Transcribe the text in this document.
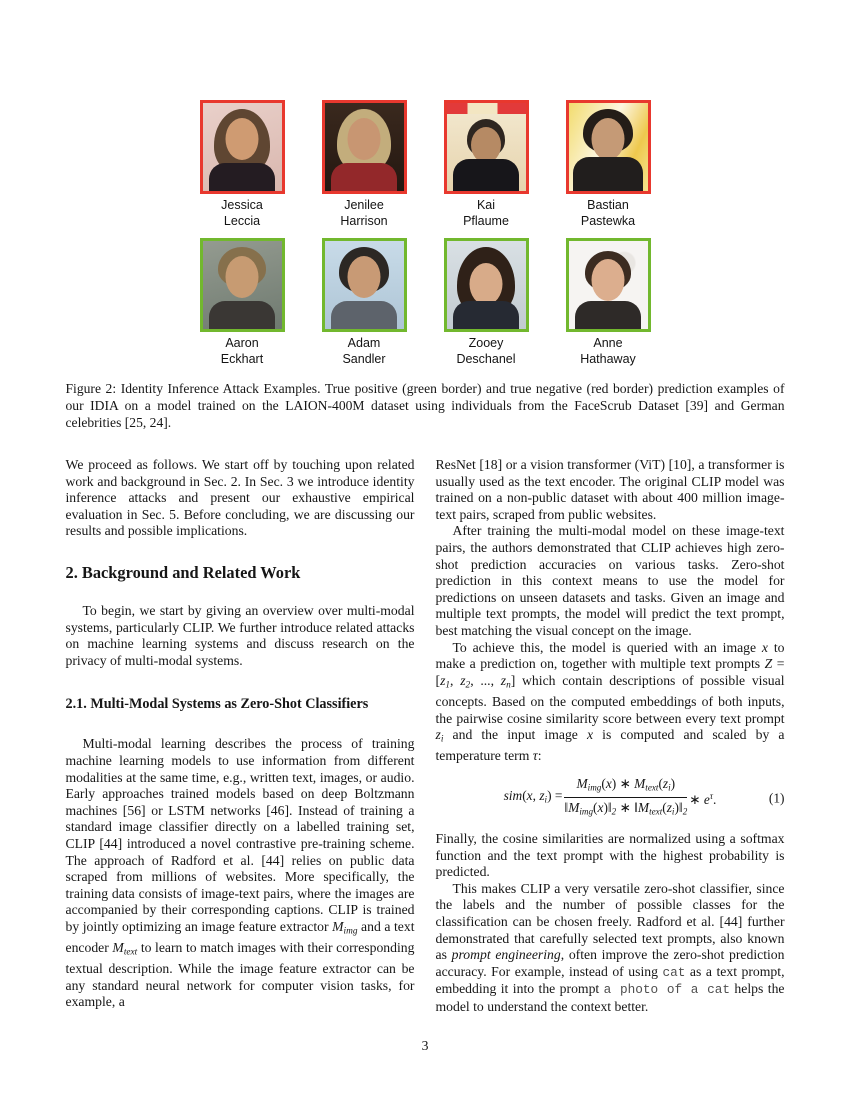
Jessica
Leccia
Jenilee
Harrison
Kai
Pflaume
Bastian
Pastewka
Aaron
Eckhart
Adam
Sandler
Zooey
Deschanel
Anne
Hathaway
Figure 2: Identity Inference Attack Examples. True positive (green border) and true negative (red border) prediction examples of our IDIA on a model trained on the LAION-400M dataset using individuals from the FaceScrub Dataset [39] and German celebrities [25, 24].

We proceed as follows. We start off by touching upon related work and background in Sec. 2. In Sec. 3 we introduce identity inference attacks and present our exhaustive empirical evaluation in Sec. 5. Before concluding, we are discussing our results and possible implications.

2. Background and Related Work

To begin, we start by giving an overview over multi-modal systems, particularly CLIP. We further introduce related attacks on machine learning systems and discuss research on the privacy of multi-modal systems.

2.1. Multi-Modal Systems as Zero-Shot Classifiers

Multi-modal learning describes the process of training machine learning models to use information from different modalities at the same time, e.g., written text, images, or audio. Early approaches trained models based on deep Boltzmann machines [56] or LSTM networks [46]. Instead of training a standard image classifier directly on a labelled training set, CLIP [44] introduced a novel contrastive pre-training scheme. The approach of Radford et al. [44] relies on public data scraped from millions of websites. More specifically, the training data consists of image-text pairs, where the images are accompanied by their corresponding captions. CLIP is trained by jointly optimizing an image feature extractor Mimg and a text encoder Mtext to learn to match images with their corresponding textual description. While the image feature extractor can be any standard neural network for computer vision tasks, for example, a

ResNet [18] or a vision transformer (ViT) [10], a transformer is usually used as the text encoder. The original CLIP model was trained on a non-public dataset with about 400 million image-text pairs, scraped from public websites.

After training the multi-modal model on these image-text pairs, the authors demonstrated that CLIP achieves high zero-shot prediction accuracies on various tasks. Zero-shot prediction in this context means to use the model for predictions on unseen datasets and tasks. Given an image and multiple text prompts, the model will predict the text prompt, best matching the visual concept on the image.

To achieve this, the model is queried with an image x to make a prediction on, together with multiple text prompts Z = [z1, z2, ..., zn] which contain descriptions of possible visual concepts. Based on the computed embeddings of both inputs, the pairwise cosine similarity score between every text prompt zi and the input image x is computed and scaled by a temperature term τ:

sim(x, $zi) = \frac{\text{Mimg(x) ∗ Mtext(zi)}}{\text{‖Mimg(x)‖2 ∗ ‖Mtext(zi)‖2}}$ ∗ $e^\tau$.	(1)

Finally, the cosine similarities are normalized using a softmax function and the text prompt with the highest probability is predicted.

This makes CLIP a very versatile zero-shot classifier, since the labels and the number of possible classes for the classification can be chosen freely. Radford et al. [44] further demonstrated that carefully selected text prompts, also known as prompt engineering, often improve the zero-shot prediction accuracy. For example, instead of using cat as a text prompt, embedding it into the prompt a photo of a cat helps the model to understand the context better.

3
